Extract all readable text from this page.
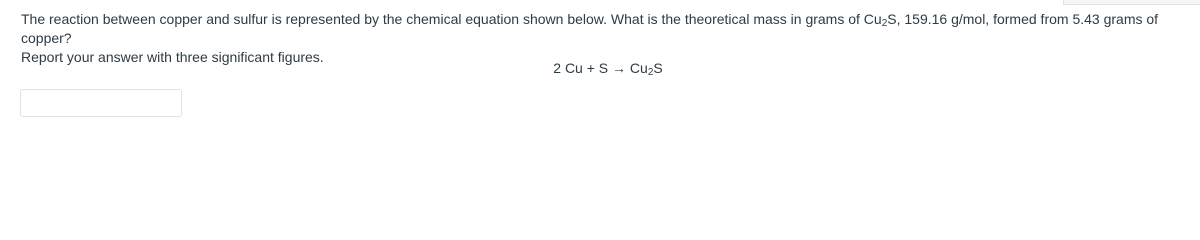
The reaction between copper and sulfur is represented by the chemical equation shown below. What is the theoretical mass in grams of $Cu_2S$, 159.16 g/mol, formed from 5.43 grams of copper?

Report your answer with three significant figures.

2 $Cu + S \to Cu_2S$
